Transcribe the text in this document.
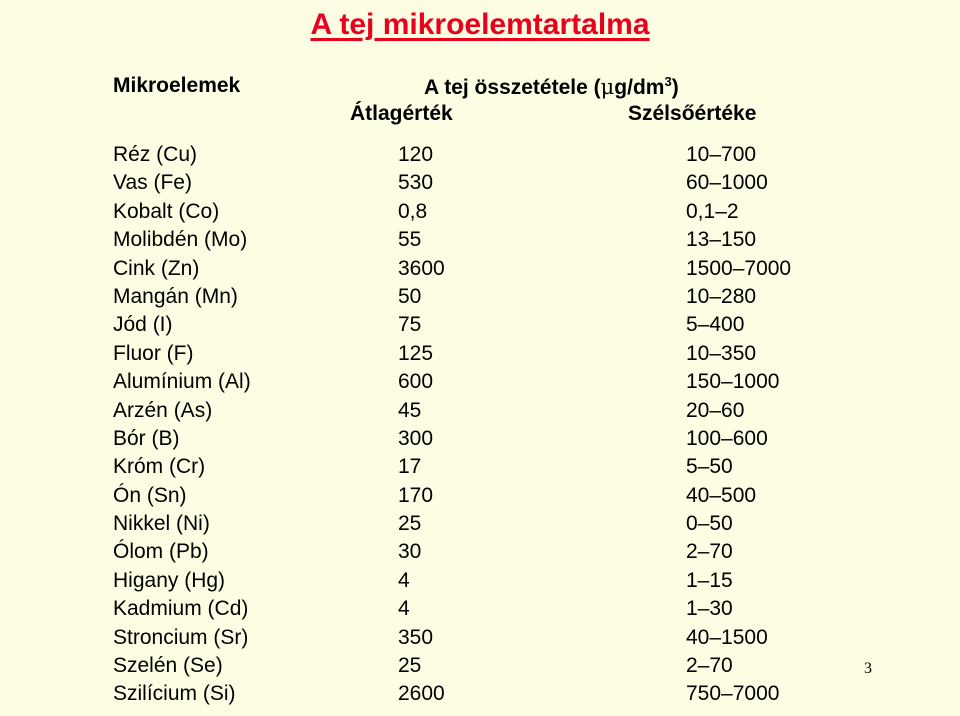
A tej mikroelemtartalma
Mikroelemek	A tej összetétele $(\mu g/dm^3)$
Átlagérték	Szélsőértéke
Réz (Cu)	120	10–700
Vas (Fe)	530	60–1000
Kobalt (Co)	0,8	0,1–2
Molibdén (Mo)	55	13–150
Cink (Zn)	3600	1500–7000
Mangán (Mn)	50	10–280
Jód (I)	75	5–400
Fluor (F)	125	10–350
Alumínium (Al)	600	150–1000
Arzén (As)	45	20–60
Bór (B)	300	100–600
Króm (Cr)	17	5–50
Ón (Sn)	170	40–500
Nikkel (Ni)	25	0–50
Ólom (Pb)	30	2–70
Higany (Hg)	4	1–15
Kadmium (Cd)	4	1–30
Stroncium (Sr)	350	40–1500
Szelén (Se)	25	2–70
Szilícium (Si)	2600	750–7000
3
